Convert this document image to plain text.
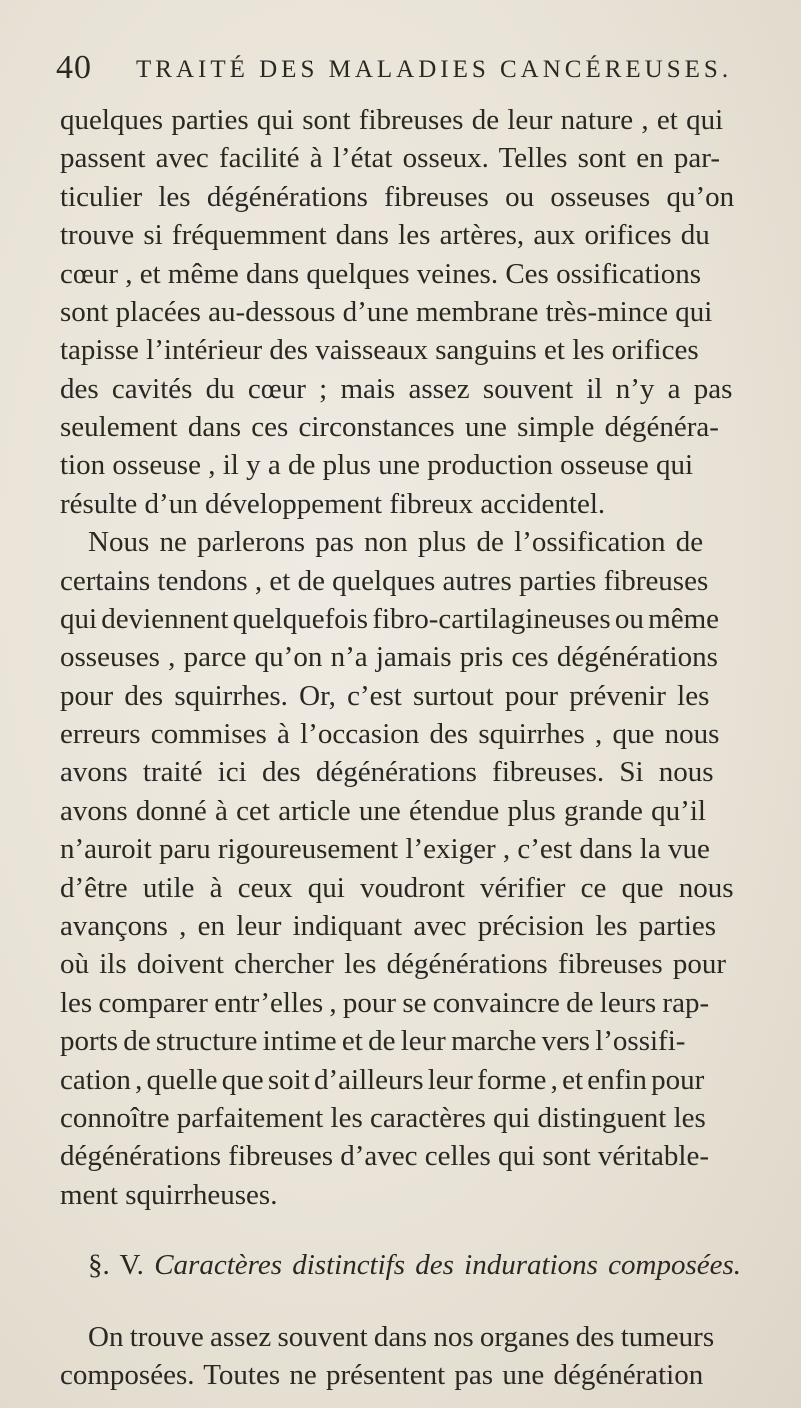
40 TRAITÉ DES MALADIES CANCÉREUSES.
quelques parties qui sont fibreuses de leur nature , et qui
passent avec facilité à l’état osseux. Telles sont en par-
ticulier les dégénérations fibreuses ou osseuses qu’on
trouve si fréquemment dans les artères, aux orifices du
cœur , et même dans quelques veines. Ces ossifications
sont placées au-dessous d’une membrane très-mince qui
tapisse l’intérieur des vaisseaux sanguins et les orifices
des cavités du cœur ; mais assez souvent il n’y a pas
seulement dans ces circonstances une simple dégénéra-
tion osseuse , il y a de plus une production osseuse qui
résulte d’un développement fibreux accidentel.
Nous ne parlerons pas non plus de l’ossification de
certains tendons , et de quelques autres parties fibreuses
qui deviennent quelquefois fibro-cartilagineuses ou même
osseuses , parce qu’on n’a jamais pris ces dégénérations
pour des squirrhes. Or, c’est surtout pour prévenir les
erreurs commises à l’occasion des squirrhes , que nous
avons traité ici des dégénérations fibreuses. Si nous
avons donné à cet article une étendue plus grande qu’il
n’auroit paru rigoureusement l’exiger , c’est dans la vue
d’être utile à ceux qui voudront vérifier ce que nous
avançons , en leur indiquant avec précision les parties
où ils doivent chercher les dégénérations fibreuses pour
les comparer entr’elles , pour se convaincre de leurs rap-
ports de structure intime et de leur marche vers l’ossifi-
cation , quelle que soit d’ailleurs leur forme , et enfin pour
connoître parfaitement les caractères qui distinguent les
dégénérations fibreuses d’avec celles qui sont véritable-
ment squirrheuses.
§. V. Caractères distinctifs des indurations composées.
On trouve assez souvent dans nos organes des tumeurs
composées. Toutes ne présentent pas une dégénération
